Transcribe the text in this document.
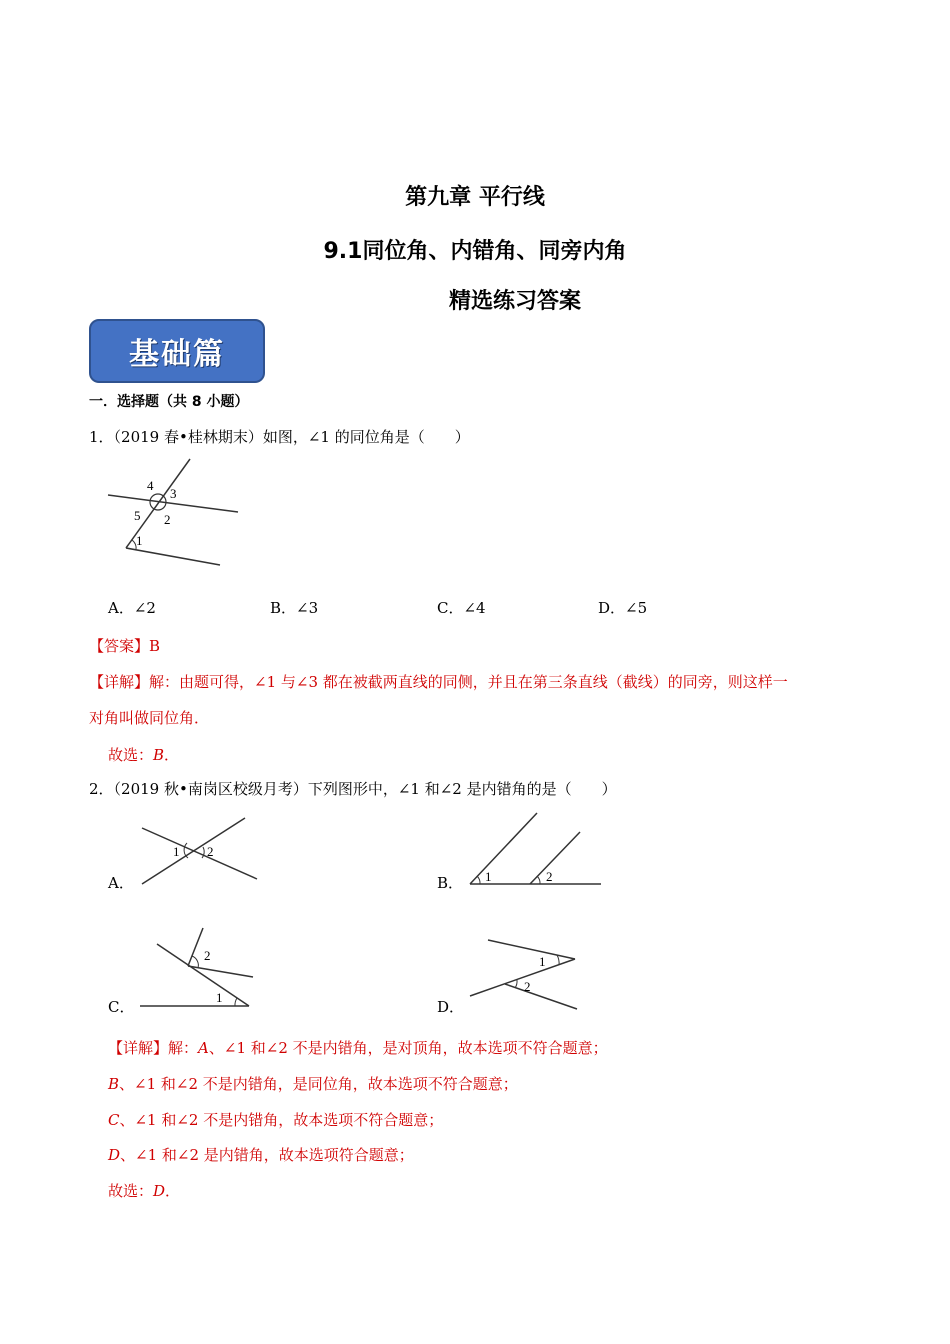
第九章 平行线
9.1同位角、内错角、同旁内角
精选练习答案
基础篇
一．选择题（共 8 小题）
1．（2019 春•桂林期末）如图，∠1 的同位角是（　　）
4
3
5 2
1
A．∠2	B．∠3	C．∠4	D．∠5
【答案】B
【详解】解：由题可得，∠1 与∠3 都在被截两直线的同侧，并且在第三条直线（截线）的同旁，则这样一
对角叫做同位角．
故选：B．
2．（2019 秋•南岗区校级月考）下列图形中，∠1 和∠2 是内错角的是（　　）
A．
1 2
B． 1	2
C．
1
2
D．
1
2
【详解】解：A、∠1 和∠2 不是内错角，是对顶角，故本选项不符合题意；
B、∠1 和∠2 不是内错角，是同位角，故本选项不符合题意；
C、∠1 和∠2 不是内错角，故本选项不符合题意；
D、∠1 和∠2 是内错角，故本选项符合题意；
故选：D．
